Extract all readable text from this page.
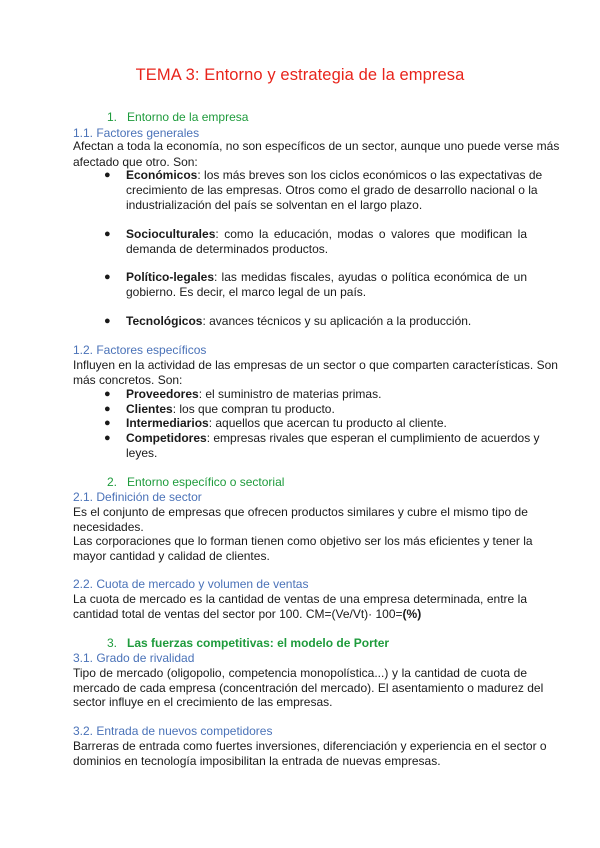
TEMA 3: Entorno y estrategia de la empresa
1. Entorno de la empresa
1.1. Factores generales
Afectan a toda la economía, no son específicos de un sector, aunque uno puede verse más
afectado que otro. Son:
● Económicos: los más breves son los ciclos económicos o las expectativas de
crecimiento de las empresas. Otros como el grado de desarrollo nacional o la
industrialización del país se solventan en el largo plazo.
● Socioculturales: como la educación, modas o valores que modifican la
demanda de determinados productos.
● Político-legales: las medidas fiscales, ayudas o política económica de un
gobierno. Es decir, el marco legal de un país.
● Tecnológicos: avances técnicos y su aplicación a la producción.
1.2. Factores específicos
Influyen en la actividad de las empresas de un sector o que comparten características. Son
más concretos. Son:
● Proveedores: el suministro de materias primas.
● Clientes: los que compran tu producto.
● Intermediarios: aquellos que acercan tu producto al cliente.
● Competidores: empresas rivales que esperan el cumplimiento de acuerdos y
leyes.
2. Entorno específico o sectorial
2.1. Definición de sector
Es el conjunto de empresas que ofrecen productos similares y cubre el mismo tipo de
necesidades.
Las corporaciones que lo forman tienen como objetivo ser los más eficientes y tener la
mayor cantidad y calidad de clientes.
2.2. Cuota de mercado y volumen de ventas
La cuota de mercado es la cantidad de ventas de una empresa determinada, entre la
cantidad total de ventas del sector por 100. CM=(Ve/Vt)· 100=(%)
3. Las fuerzas competitivas: el modelo de Porter
3.1. Grado de rivalidad
Tipo de mercado (oligopolio, competencia monopolística...) y la cantidad de cuota de
mercado de cada empresa (concentración del mercado). El asentamiento o madurez del
sector influye en el crecimiento de las empresas.
3.2. Entrada de nuevos competidores
Barreras de entrada como fuertes inversiones, diferenciación y experiencia en el sector o
dominios en tecnología imposibilitan la entrada de nuevas empresas.
